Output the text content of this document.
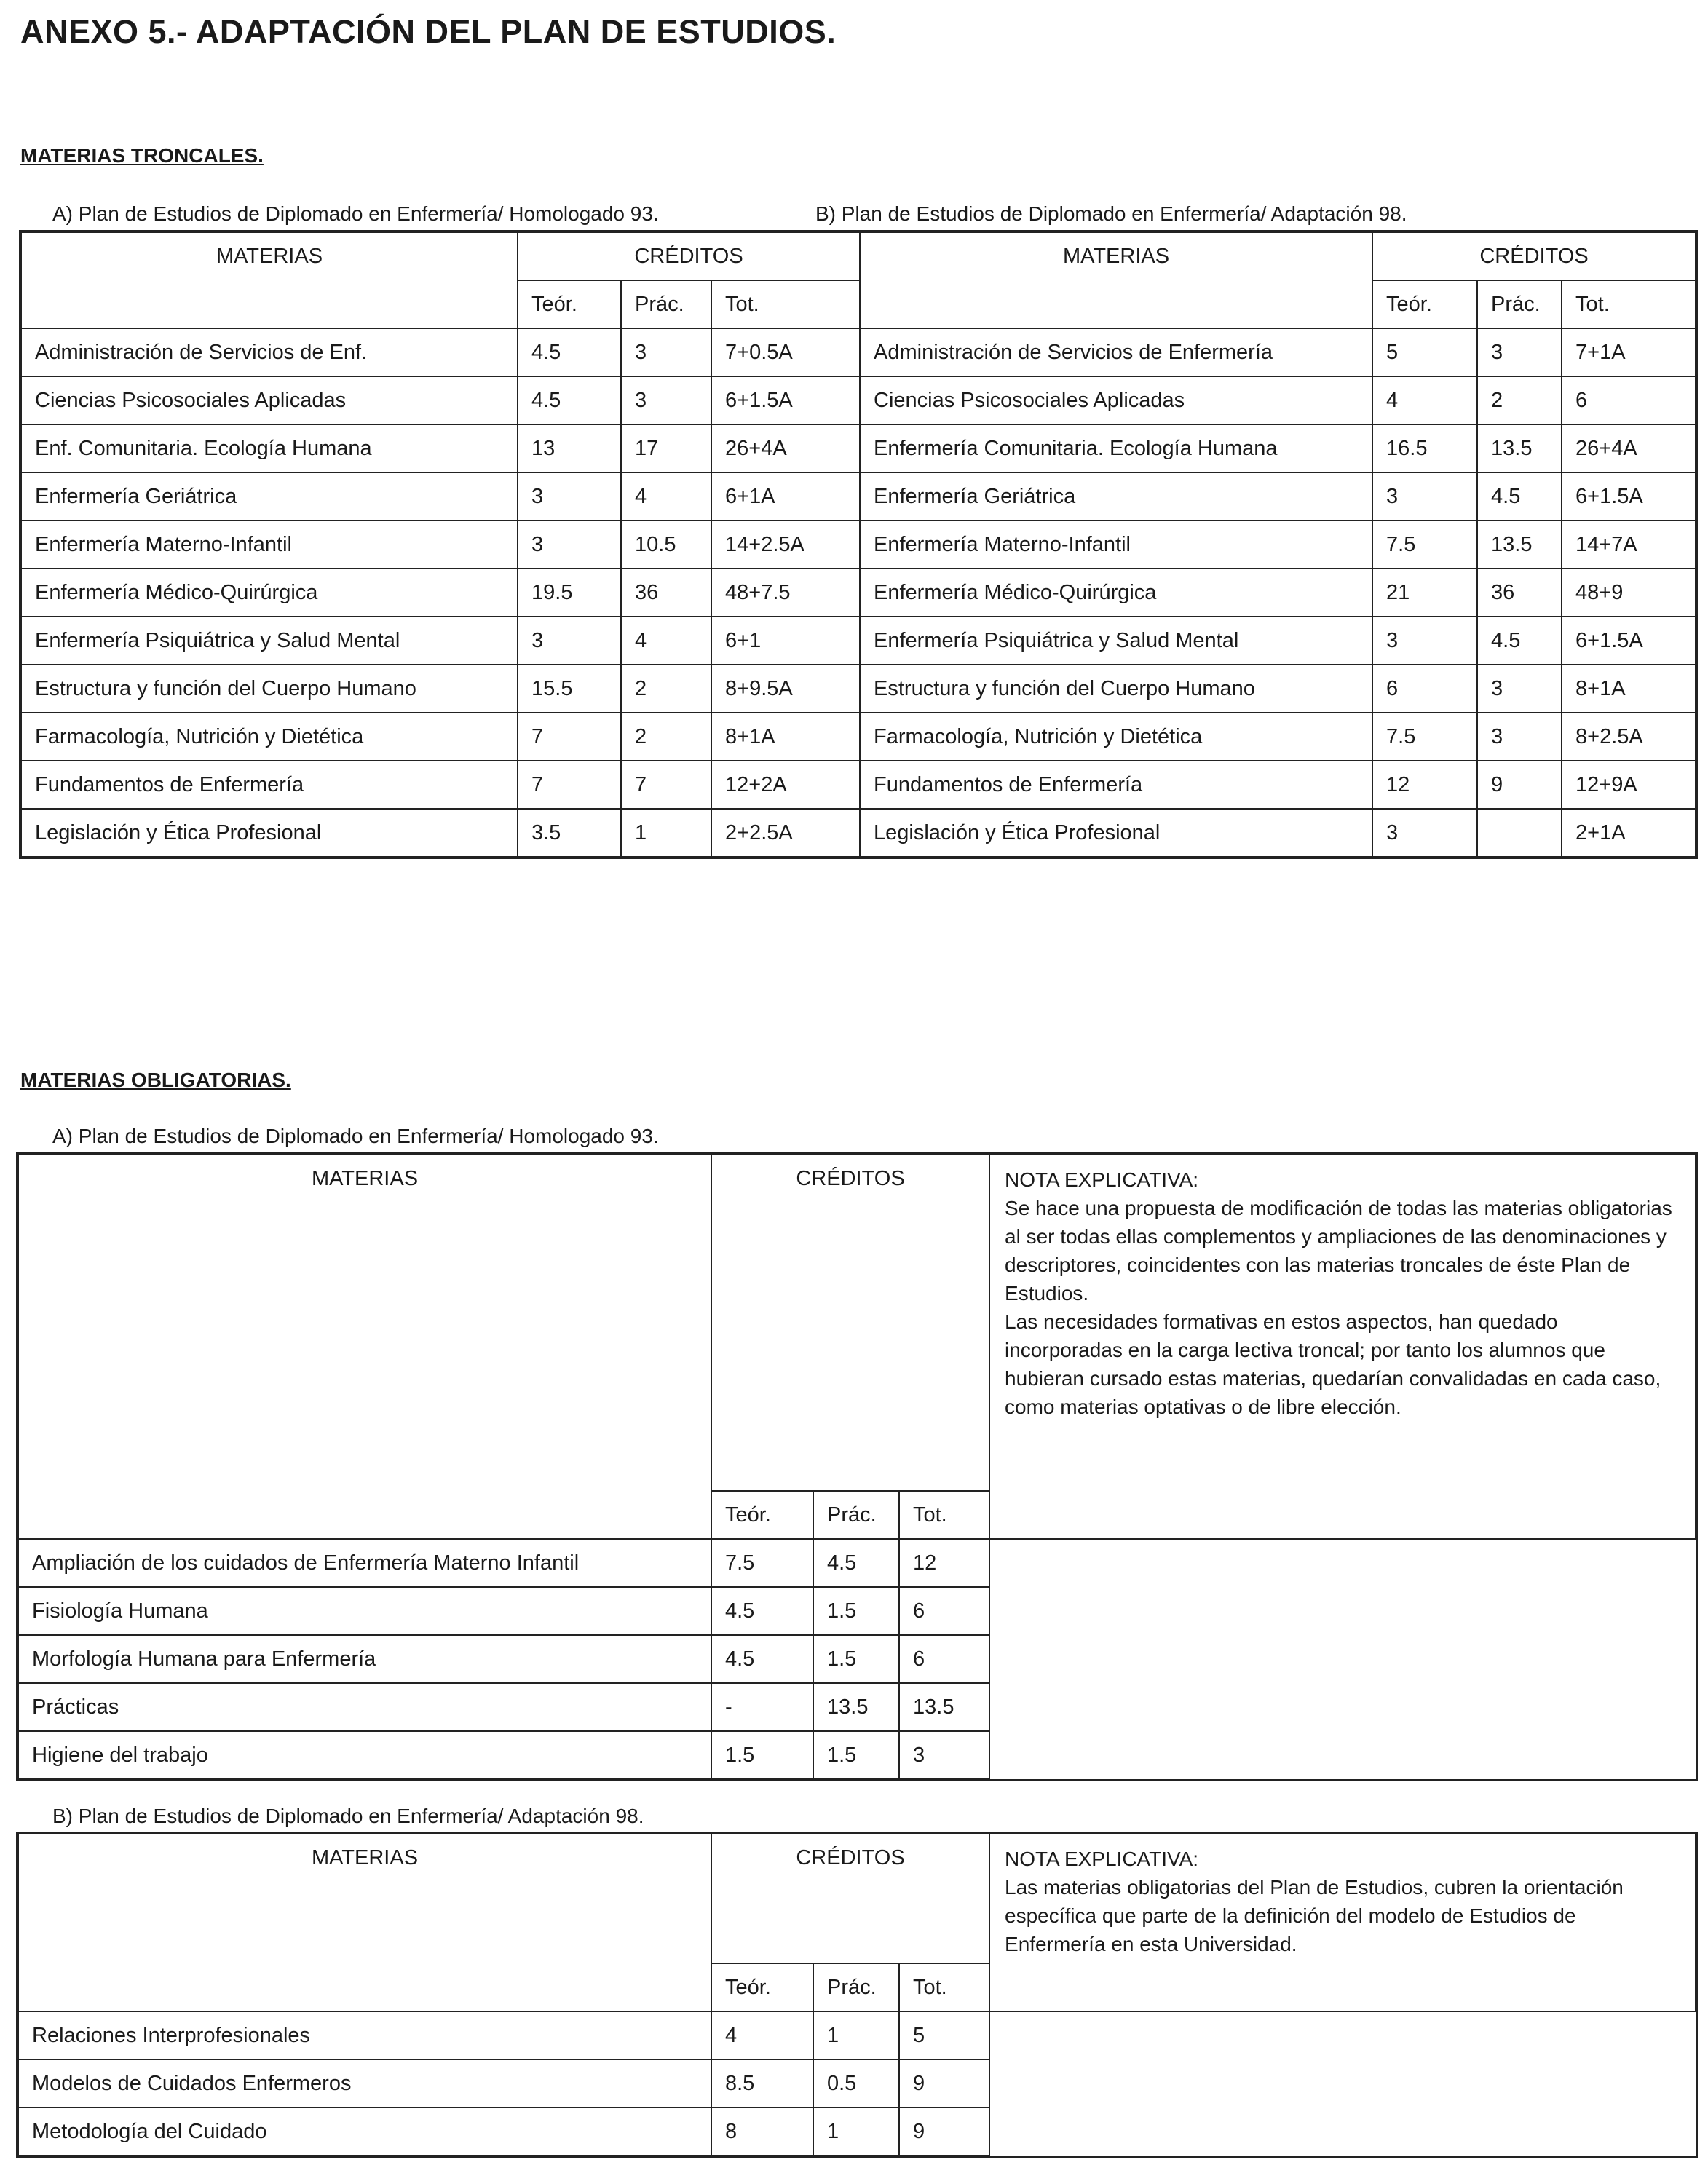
ANEXO 5.- ADAPTACIÓN DEL PLAN DE ESTUDIOS.
MATERIAS TRONCALES.
A) Plan de Estudios de Diplomado en Enfermería/ Homologado 93.	B) Plan de Estudios de Diplomado en Enfermería/ Adaptación 98.
MATERIAS	CRÉDITOS			MATERIAS	CRÉDITOS		
	Teór.	Prác.	Tot.		Teór.	Prác.	Tot.
Administración de Servicios de Enf.	4.5	3	7+0.5A	Administración de Servicios de Enfermería	5	3	7+1A
Ciencias Psicosociales Aplicadas	4.5	3	6+1.5A	Ciencias Psicosociales Aplicadas	4	2	6
Enf. Comunitaria. Ecología Humana	13	17	26+4A	Enfermería Comunitaria. Ecología Humana	16.5	13.5	26+4A
Enfermería Geriátrica	3	4	6+1A	Enfermería Geriátrica	3	4.5	6+1.5A
Enfermería Materno-Infantil	3	10.5	14+2.5A	Enfermería Materno-Infantil	7.5	13.5	14+7A
Enfermería Médico-Quirúrgica	19.5	36	48+7.5	Enfermería Médico-Quirúrgica	21	36	48+9
Enfermería Psiquiátrica y Salud Mental	3	4	6+1	Enfermería Psiquiátrica y Salud Mental	3	4.5	6+1.5A
Estructura y función del Cuerpo Humano	15.5	2	8+9.5A	Estructura y función del Cuerpo Humano	6	3	8+1A
Farmacología, Nutrición y Dietética	7	2	8+1A	Farmacología, Nutrición y Dietética	7.5	3	8+2.5A
Fundamentos de Enfermería	7	7	12+2A	Fundamentos de Enfermería	12	9	12+9A
Legislación y Ética Profesional	3.5	1	2+2.5A	Legislación y Ética Profesional	3		2+1A
MATERIAS OBLIGATORIAS.
A) Plan de Estudios de Diplomado en Enfermería/ Homologado 93.
MATERIAS	CRÉDITOS	NOTA EXPLICATIVA:
Se hace una propuesta de modificación de todas las materias obligatorias al ser todas ellas complementos y ampliaciones de las denominaciones y descriptores, coincidentes con las materias troncales de éste Plan de Estudios.
Las necesidades formativas en estos aspectos, han quedado incorporadas en la carga lectiva troncal; por tanto los alumnos que hubieran cursado estas materias, quedarían convalidadas en cada caso, como materias optativas o de libre elección.

Teór.	Prác.	Tot.
Ampliación de los cuidados de Enfermería Materno Infantil	7.5	4.5	12
Fisiología Humana	4.5	1.5	6
Morfología Humana para Enfermería	4.5	1.5	6
Prácticas	-	13.5	13.5
Higiene del trabajo	1.5	1.5	3
B) Plan de Estudios de Diplomado en Enfermería/ Adaptación 98.
MATERIAS	CRÉDITOS	NOTA EXPLICATIVA:
Las materias obligatorias del Plan de Estudios, cubren la orientación específica que parte de la definición del modelo de Estudios de Enfermería en esta Universidad.

Teór.	Prác.	Tot.
Relaciones Interprofesionales	4	1	5
Modelos de Cuidados Enfermeros	8.5	0.5	9
Metodología del Cuidado	8	1	9
